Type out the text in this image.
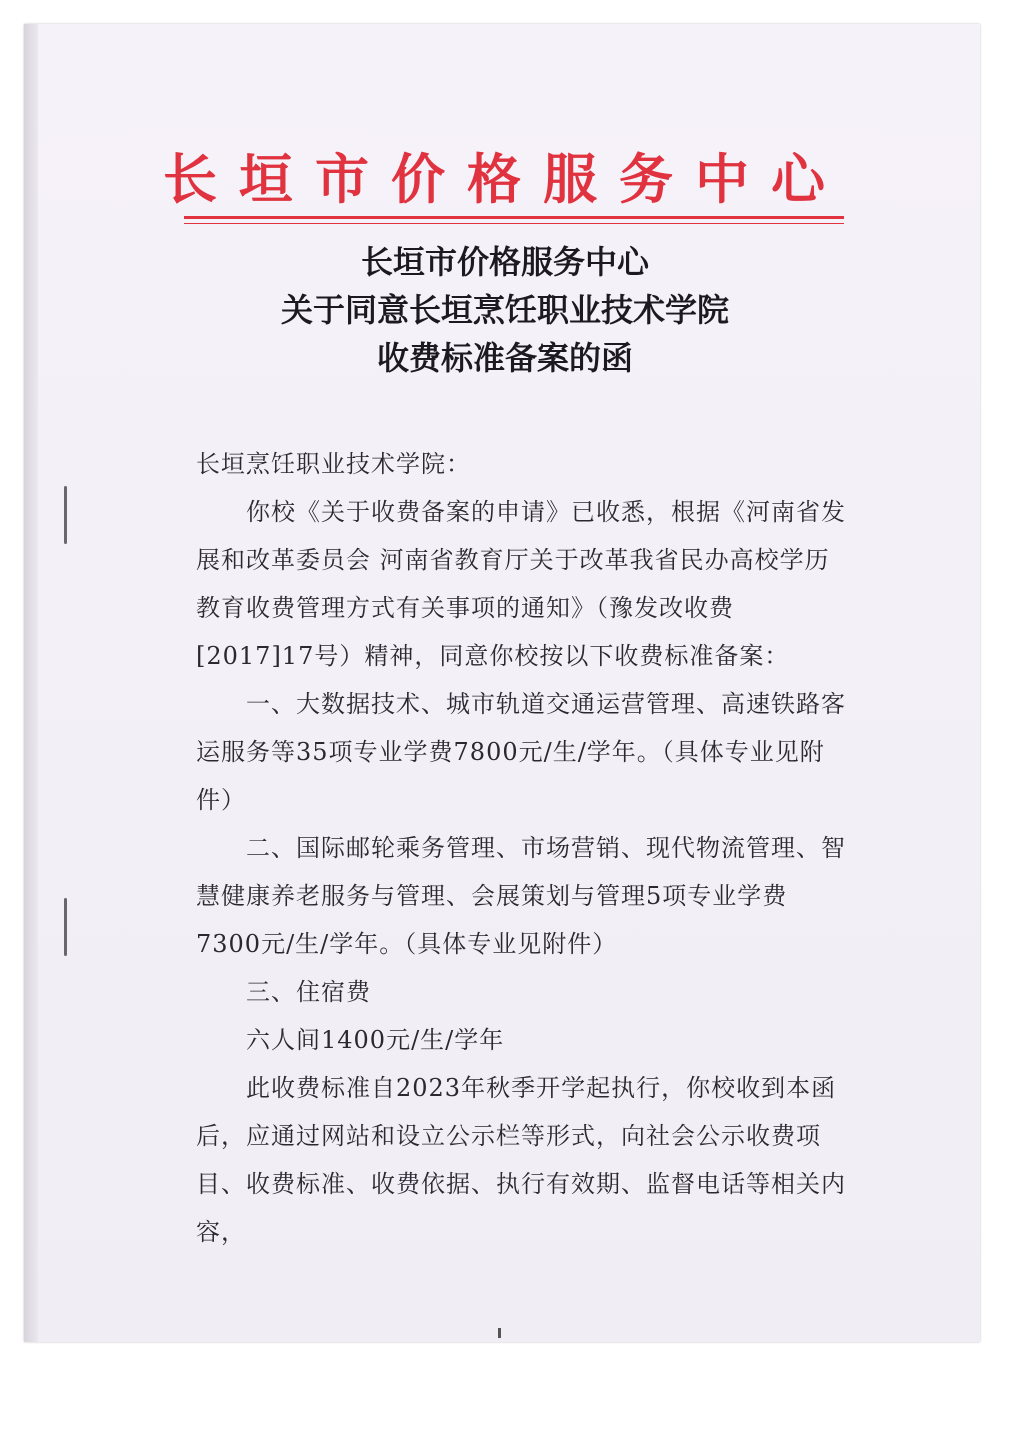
长垣市价格服务中心
长垣市价格服务中心
关于同意长垣烹饪职业技术学院
收费标准备案的函

长垣烹饪职业技术学院：

你校《关于收费备案的申请》已收悉，根据《河南省发展和改革委员会 河南省教育厅关于改革我省民办高校学历教育收费管理方式有关事项的通知》（豫发改收费[2017]17号）精神，同意你校按以下收费标准备案：

一、大数据技术、城市轨道交通运营管理、高速铁路客运服务等35项专业学费7800元/生/学年。（具体专业见附件）

二、国际邮轮乘务管理、市场营销、现代物流管理、智慧健康养老服务与管理、会展策划与管理5项专业学费7300元/生/学年。（具体专业见附件）

三、住宿费

六人间1400元/生/学年

此收费标准自2023年秋季开学起执行，你校收到本函后，应通过网站和设立公示栏等形式，向社会公示收费项目、收费标准、收费依据、执行有效期、监督电话等相关内容，
